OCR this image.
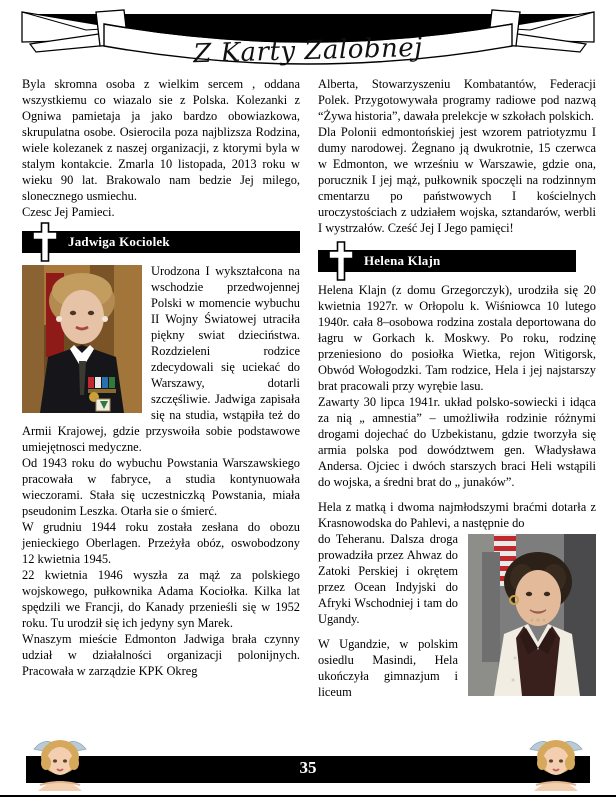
Z Karty Zalobnej

Byla skromna osoba z wielkim sercem , oddana wszystkiemu co wiazalo sie z Polska. Kolezanki z Ogniwa pamietaja ja jako bardzo obowiazkowa, skrupulatna osobe. Osierocila poza najblizsza Rodzina, wiele kolezanek z naszej organizacji, z ktorymi byla w stalym kontakcie. Zmarla 10 listopada, 2013 roku w wieku 90 lat. Brakowalo nam bedzie Jej milego, slonecznego usmiechu.

Czesc Jej Pamieci.

Jadwiga Kociolek

Urodzona I wykształcona na wschodzie przedwojennej Polski w momencie wybuchu II Wojny Światowej utraciła piękny swiat dzieciństwa. Rozdzieleni rodzice zdecydowali się uciekać do Warszawy, dotarli szczęśliwie. Jadwiga zapisała się na studia, wstąpiła też do Armii Krajowej, gdzie przyswoiła sobie podstawowe umiejętnosci medyczne.

Od 1943 roku do wybuchu Powstania Warszawskiego pracowała w fabryce, a studia kontynuowała wieczorami. Stała się uczestniczką Powstania, miała pseudonim Leszka. Otarła sie o śmierć.

W grudniu 1944 roku została zesłana do obozu jenieckiego Oberlagen. Przeżyła obóz, oswobodzony 12 kwietnia 1945.

22 kwietnia 1946 wyszła za mąż za polskiego wojskowego, pułkownika Adama Kociołka. Kilka lat spędzili we Francji, do Kanady przenieśli się w 1952 roku. Tu urodził się ich jedyny syn Marek.

Wnaszym mieście Edmonton Jadwiga brała czynny udział w działalności organizacji polonijnych. Pracowała w zarządzie KPK Okreg

Alberta, Stowarzyszeniu Kombatantów, Federacji Polek. Przygotowywała programy radiowe pod nazwą “Żywa historia”, dawała prelekcje w szkołach polskich.

Dla Polonii edmontońskiej jest wzorem patriotyzmu I dumy narodowej. Żegnano ją dwukrotnie, 15 czerwca w Edmonton, we wrześniu w Warszawie, gdzie ona, porucznik I jej mąż, pułkownik spoczęli na rodzinnym cmentarzu po państwowych I kościelnych uroczystościach z udziałem wojska, sztandarów, werbli I wystrzałów. Cześć Jej I Jego pamięci!

Helena Klajn

Helena Klajn (z domu Grzegorczyk), urodziła się 20 kwietnia 1927r. w Orłopolu k. Wiśniowca 10 lutego 1940r. cała 8–osobowa rodzina zostala deportowana do łagru w Gorkach k. Moskwy. Po roku, rodzinę przeniesiono do posiołka Wietka, rejon Witigorsk, Obwód Wołogodzki. Tam rodzice, Hela i jej najstarszy brat pracowali przy wyrębie lasu.

Zawarty 30 lipca 1941r. układ polsko-sowiecki i idąca za nią „ amnestia” – umożliwiła rodzinie różnymi drogami dojechać do Uzbekistanu, gdzie tworzyła się armia polska pod dowództwem gen. Władysława Andersa. Ojciec i dwóch starszych braci Heli wstąpili do wojska, a średni brat do „ junaków”.

Hela z matką i dwoma najmłodszymi braćmi dotarła z Krasnowodska do Pahlevi, a następnie do

do Teheranu. Dalsza droga prowadziła przez Ahwaz do Zatoki Perskiej i okrętem przez Ocean Indyjski do Afryki Wschodniej i tam do Ugandy.

W Ugandzie, w polskim osiedlu Masindi, Hela ukończyła gimnazjum i liceum

35
